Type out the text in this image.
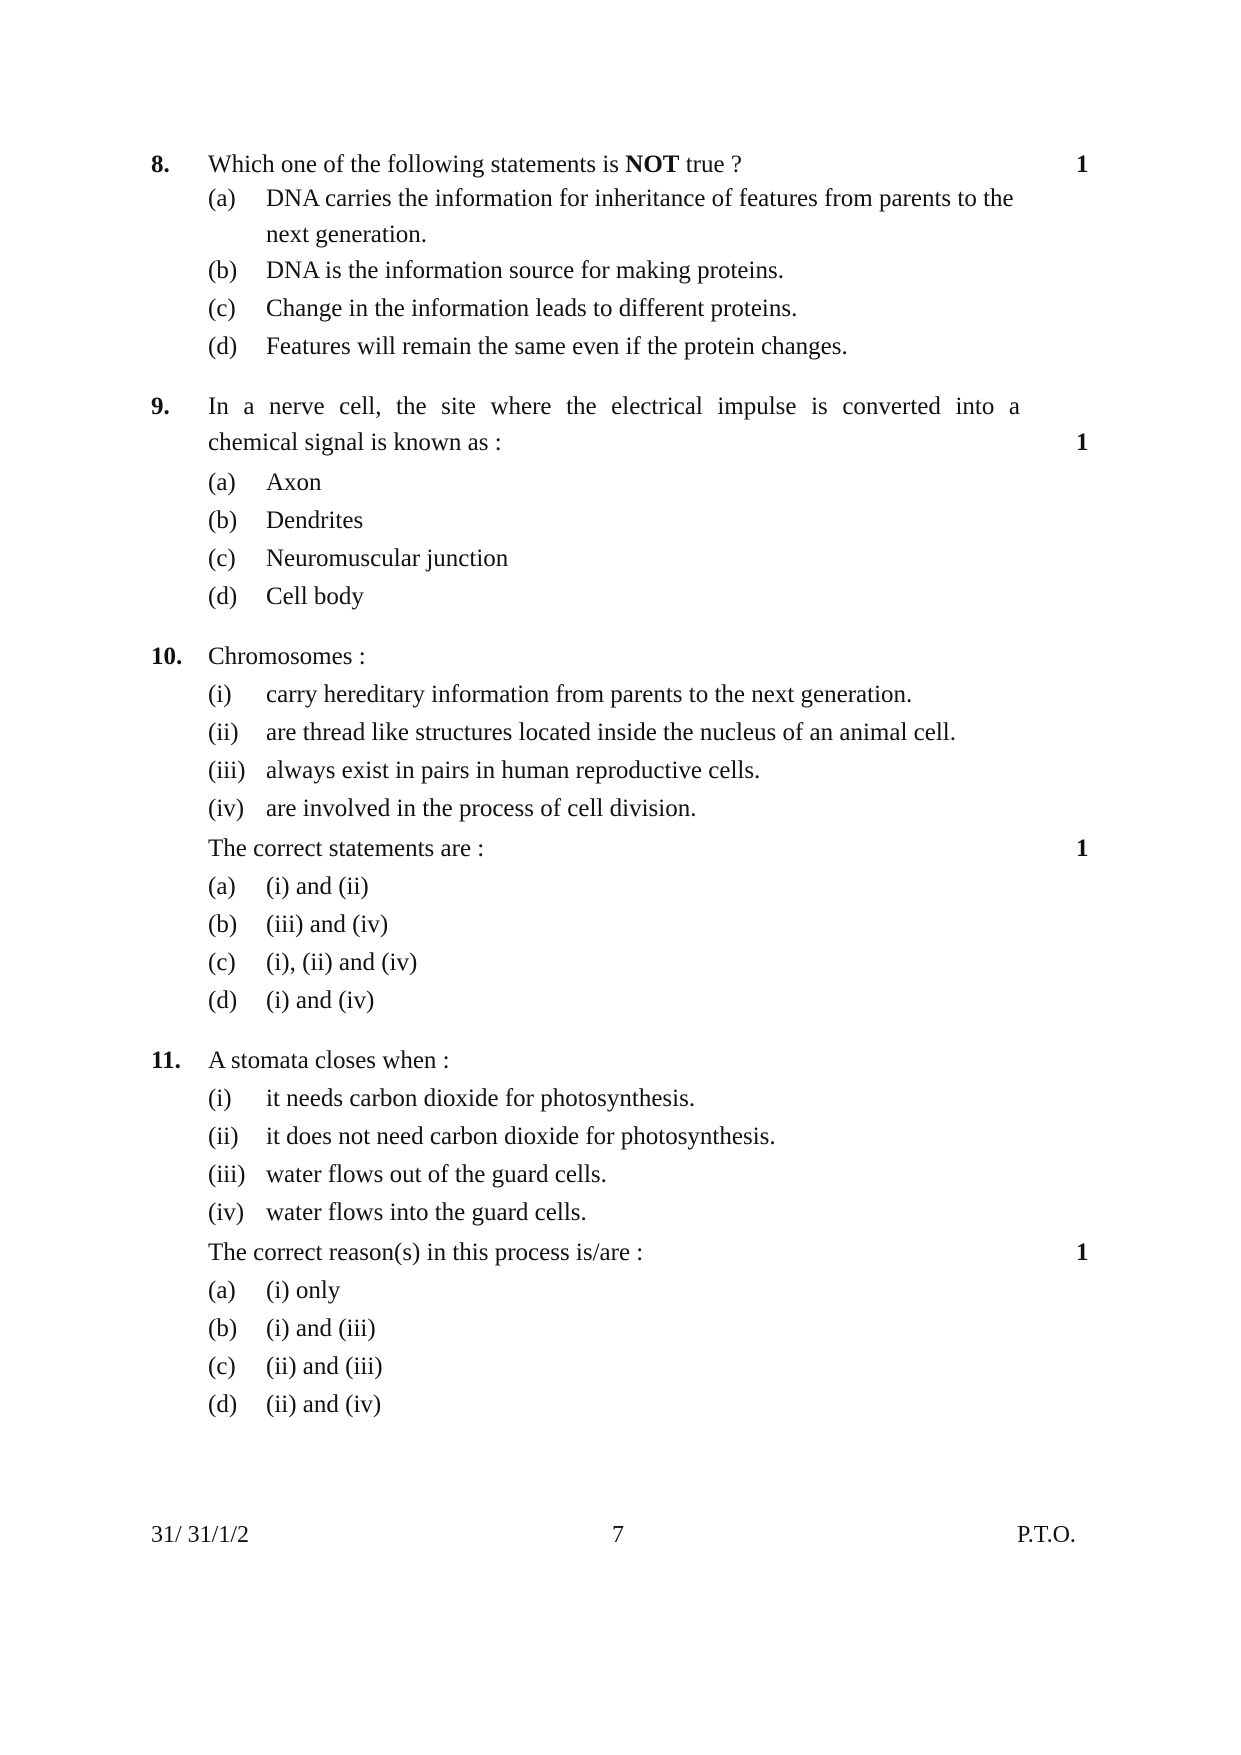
8. Which one of the following statements is NOT true ?	1
(a) DNA carries the information for inheritance of features from parents to the next generation.
(b) DNA is the information source for making proteins.
(c) Change in the information leads to different proteins.
(d) Features will remain the same even if the protein changes.
9. In a nerve cell, the site where the electrical impulse is converted into a
chemical signal is known as :	1
(a) Axon
(b) Dendrites
(c) Neuromuscular junction
(d) Cell body
10. Chromosomes :
(i) carry hereditary information from parents to the next generation.
(ii) are thread like structures located inside the nucleus of an animal cell.
(iii) always exist in pairs in human reproductive cells.
(iv) are involved in the process of cell division.
The correct statements are :	1
(a) (i) and (ii)
(b) (iii) and (iv)
(c) (i), (ii) and (iv)
(d) (i) and (iv)
11. A stomata closes when :
(i) it needs carbon dioxide for photosynthesis.
(ii) it does not need carbon dioxide for photosynthesis.
(iii) water flows out of the guard cells.
(iv) water flows into the guard cells.
The correct reason(s) in this process is/are :	1
(a) (i) only
(b) (i) and (iii)
(c) (ii) and (iii)
(d) (ii) and (iv)
31/ 31/1/2	7	P.T.O.
